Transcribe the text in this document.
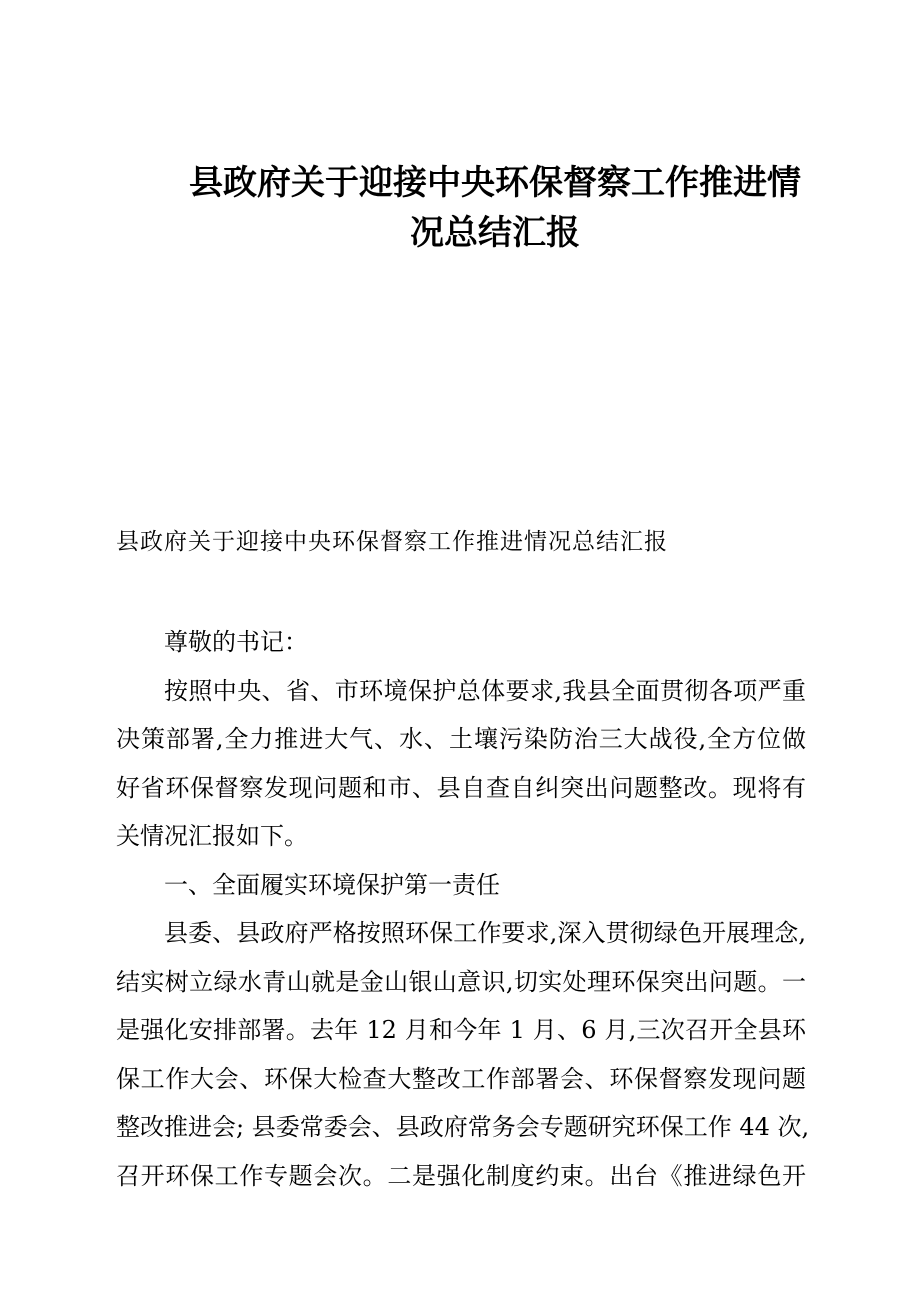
县政府关于迎接中央环保督察工作推进情
况总结汇报

县政府关于迎接中央环保督察工作推进情况总结汇报

尊敬的书记：
按照中央、省、市环境保护总体要求,我县全面贯彻各项严重
决策部署,全力推进大气、水、土壤污染防治三大战役,全方位做
好省环保督察发现问题和市、县自查自纠突出问题整改。现将有
关情况汇报如下。
一、全面履实环境保护第一责任
县委、县政府严格按照环保工作要求,深入贯彻绿色开展理念,
结实树立绿水青山就是金山银山意识,切实处理环保突出问题。一
是强化安排部署。去年 12 月和今年 1 月、6 月,三次召开全县环
保工作大会、环保大检查大整改工作部署会、环保督察发现问题
整改推进会; 县委常委会、县政府常务会专题研究环保工作 44 次,
召开环保工作专题会次。二是强化制度约束。出台《推进绿色开
